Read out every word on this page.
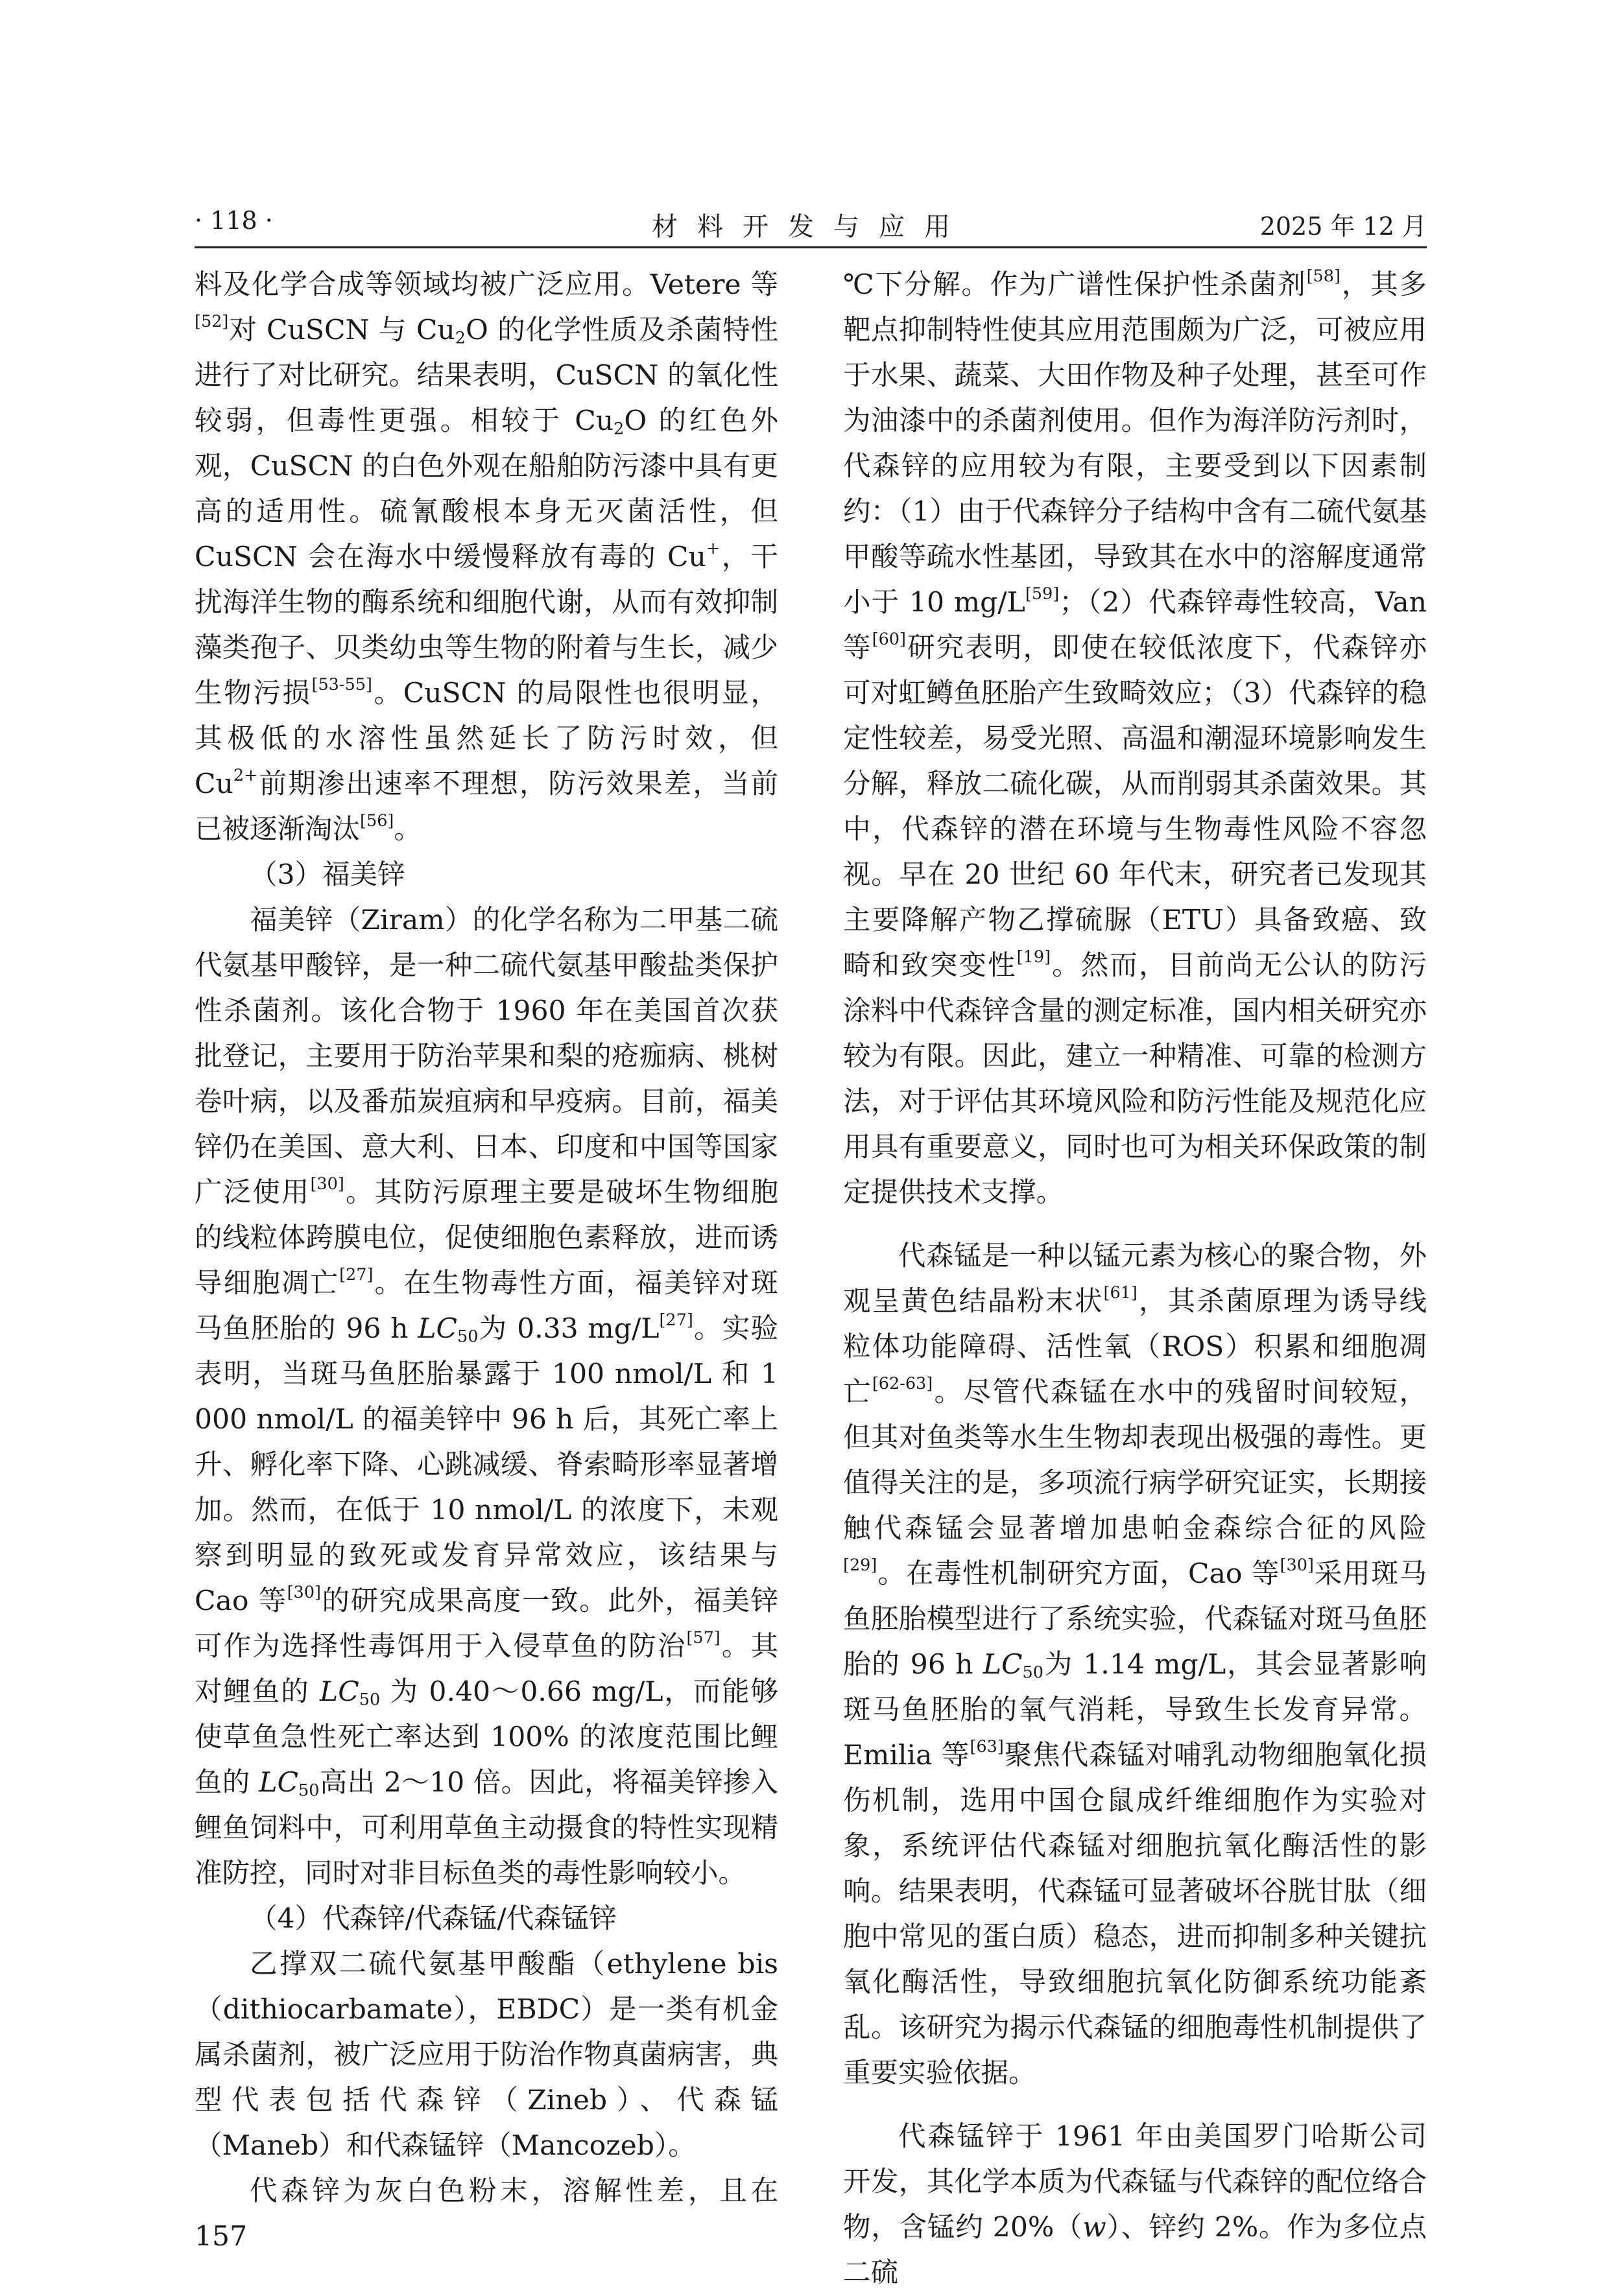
· 118 ·	材料开发与应用	2025 年 12 月

料及化学合成等领域均被广泛应用。Vetere 等[52]对 CuSCN 与 $Cu_2O$ 的化学性质及杀菌特性进行了对比研究。结果表明，CuSCN 的氧化性较弱，但毒性更强。相较于 $Cu_2O$ 的红色外观，CuSCN 的白色外观在船舶防污漆中具有更高的适用性。硫氰酸根本身无灭菌活性，但 CuSCN 会在海水中缓慢释放有毒的 Cu+，干扰海洋生物的酶系统和细胞代谢，从而有效抑制藻类孢子、贝类幼虫等生物的附着与生长，减少生物污损[53-55]。CuSCN 的局限性也很明显，其极低的水溶性虽然延长了防污时效，但 $Cu^{2+}$前期渗出速率不理想，防污效果差，当前已被逐渐淘汰[56]。

（3）福美锌

福美锌（Ziram）的化学名称为二甲基二硫代氨基甲酸锌，是一种二硫代氨基甲酸盐类保护性杀菌剂。该化合物于 1960 年在美国首次获批登记，主要用于防治苹果和梨的疮痂病、桃树卷叶病，以及番茄炭疽病和早疫病。目前，福美锌仍在美国、意大利、日本、印度和中国等国家广泛使用[30]。其防污原理主要是破坏生物细胞的线粒体跨膜电位，促使细胞色素释放，进而诱导细胞凋亡[27]。在生物毒性方面，福美锌对斑马鱼胚胎的 96 h $LC_{50}$为 0.33 mg/L[27]。实验表明，当斑马鱼胚胎暴露于 100 nmol/L 和 1 000 nmol/L 的福美锌中 96 h 后，其死亡率上升、孵化率下降、心跳减缓、脊索畸形率显著增加。然而，在低于 10 nmol/L 的浓度下，未观察到明显的致死或发育异常效应，该结果与 Cao 等[30]的研究成果高度一致。此外，福美锌可作为选择性毒饵用于入侵草鱼的防治[57]。其对鲤鱼的 $LC_{50}$ 为 0.40～0.66 mg/L，而能够使草鱼急性死亡率达到 100% 的浓度范围比鲤鱼的 $LC_{50}$高出 2～10 倍。因此，将福美锌掺入鲤鱼饲料中，可利用草鱼主动摄食的特性实现精准防控，同时对非目标鱼类的毒性影响较小。

（4）代森锌/代森锰/代森锰锌

乙撑双二硫代氨基甲酸酯（ethylene bis（dithiocarbamate），EBDC）是一类有机金属杀菌剂，被广泛应用于防治作物真菌病害，典型代表包括代森锌（Zineb）、代森锰（Maneb）和代森锰锌（Mancozeb）。

代森锌为灰白色粉末，溶解性差，且在 157

℃下分解。作为广谱性保护性杀菌剂[58]，其多靶点抑制特性使其应用范围颇为广泛，可被应用于水果、蔬菜、大田作物及种子处理，甚至可作为油漆中的杀菌剂使用。但作为海洋防污剂时，代森锌的应用较为有限，主要受到以下因素制约：（1）由于代森锌分子结构中含有二硫代氨基甲酸等疏水性基团，导致其在水中的溶解度通常小于 10 mg/L[59]；（2）代森锌毒性较高，Van 等[60]研究表明，即使在较低浓度下，代森锌亦可对虹鳟鱼胚胎产生致畸效应；（3）代森锌的稳定性较差，易受光照、高温和潮湿环境影响发生分解，释放二硫化碳，从而削弱其杀菌效果。其中，代森锌的潜在环境与生物毒性风险不容忽视。早在 20 世纪 60 年代末，研究者已发现其主要降解产物乙撑硫脲（ETU）具备致癌、致畸和致突变性[19]。然而，目前尚无公认的防污涂料中代森锌含量的测定标准，国内相关研究亦较为有限。因此，建立一种精准、可靠的检测方法，对于评估其环境风险和防污性能及规范化应用具有重要意义，同时也可为相关环保政策的制定提供技术支撑。

代森锰是一种以锰元素为核心的聚合物，外观呈黄色结晶粉末状[61]，其杀菌原理为诱导线粒体功能障碍、活性氧（ROS）积累和细胞凋亡[62-63]。尽管代森锰在水中的残留时间较短，但其对鱼类等水生生物却表现出极强的毒性。更值得关注的是，多项流行病学研究证实，长期接触代森锰会显著增加患帕金森综合征的风险[29]。在毒性机制研究方面，Cao 等[30]采用斑马鱼胚胎模型进行了系统实验，代森锰对斑马鱼胚胎的 96 h $LC_{50}$为 1.14 mg/L，其会显著影响斑马鱼胚胎的氧气消耗，导致生长发育异常。Emilia 等[63]聚焦代森锰对哺乳动物细胞氧化损伤机制，选用中国仓鼠成纤维细胞作为实验对象，系统评估代森锰对细胞抗氧化酶活性的影响。结果表明，代森锰可显著破坏谷胱甘肽（细胞中常见的蛋白质）稳态，进而抑制多种关键抗氧化酶活性，导致细胞抗氧化防御系统功能紊乱。该研究为揭示代森锰的细胞毒性机制提供了重要实验依据。

代森锰锌于 1961 年由美国罗门哈斯公司开发，其化学本质为代森锰与代森锌的配位络合物，含锰约 20%（w）、锌约 2%。作为多位点二硫
